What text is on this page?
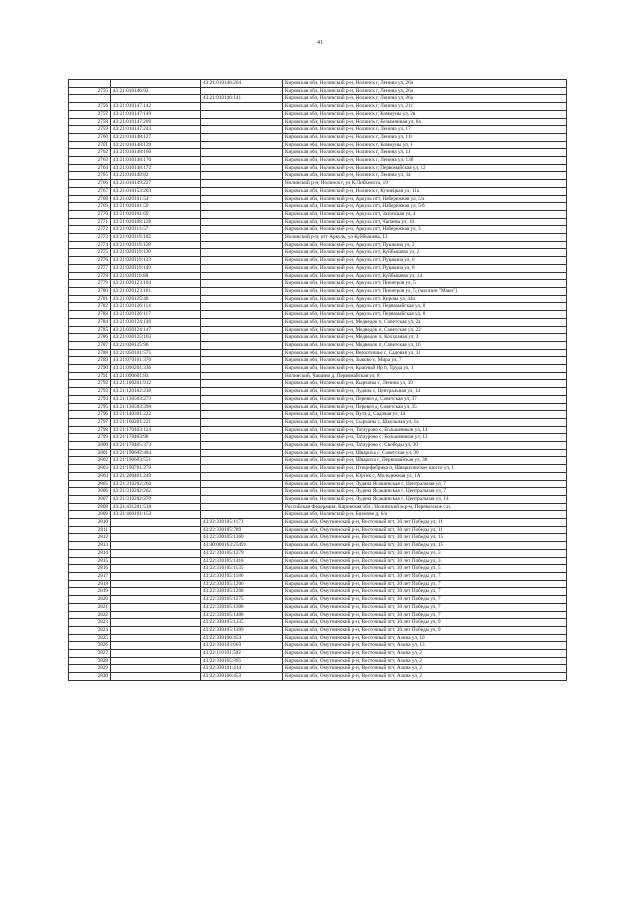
41
		43:21:010146:204	Кировская обл, Нолинский р-н, Нолинск г, Ленина ул, 26а
2755	43:21:010146:92		Кировская обл, Нолинский р-н, Нолинск г, Ленина ул, 26а
		43:21:010146:141	Кировская обл, Нолинский р-н, Нолинск г, Ленина ул, 26а
2756	43:21:010147:142		Кировская обл, Нолинский р-н, Нолинск г, Ленина ул, 21г
2757	43:21:010147:149		Кировская обл, Нолинский р-н, Нолинск г, Коммуны ул, 2в
2758	43:21:010147:209		Кировская обл, Нолинский р-н, Нолинск г, Безымянная ул, 8а
2759	43:21:010147:243		Кировская обл, Нолинский р-н, Нолинск г, Ленина ул, 17
2760	43:21:010148:127		Кировская обл, Нолинский р-н, Нолинск г, Ленина ул, 11г
2761	43:21:010148:129		Кировская обл, Нолинский р-н, Нолинск г, Коммуны ул, 1
2762	43:21:010148:160		Кировская обл, Нолинский р-н, Нолинск г, Ленина ул, 11
2763	43:21:010148:170		Кировская обл, Нолинский р-н, Нолинск г, Ленина ул, 13б
2764	43:21:010148:172		Кировская обл, Нолинский р-н, Нолинск г, Первомайская ул, 12
2765	43:21:010148:82		Кировская обл, Нолинский р-н, Нолинск г, Ленина ул, 3а
2766	43:21:010149:227		Нолинский р-н, Нолинск г, ул К.Либкнехта, 19
2767	43:21:010153:203		Кировская обл, Нолинский р-н, Нолинск г, Кузнецкая ул, 11а
2768	43:21:020101:54		Кировская обл, Нолинский р-н, Аркуль пгт, Набережная ул, 5/а
2769	43:21:020101:59		Кировская обл, Нолинский р-н, Аркуль пгт, Набережная ул, 5/б
2770	43:21:020101:69		Кировская обл, Нолинский р-н, Аркуль пгт, Затонская ул, 4
2771	43:21:020108:128		Кировская обл, Нолинский р-н, Аркуль пгт, Чапаева ул, 10
2772	43:21:020113:57		Кировская обл, Нолинский р-н, Аркуль пгт, Набережная ул, 3
2773	43:21:020119:102		Нолинский р-н, пгт Аркуль, ул Куйбышева, 12
2774	43:21:020119:128		Кировская обл, Нолинский р-н, Аркуль пгт, Пушкина ул, 2
2775	43:21:020119:130		Кировская обл, Нолинский р-н, Аркуль пгт, Куйбышева ул, 2
2776	43:21:020119:133		Кировская обл, Нолинский р-н, Аркуль пгт, Пушкина ул, 6
2777	43:21:020119:149		Кировская обл, Нолинский р-н, Аркуль пгт, Пушкина ул, 8
2778	43:21:020119:88		Кировская обл, Нолинский р-н, Аркуль пгт, Куйбышева ул, 14
2779	43:21:020123:104		Кировская обл, Нолинский р-н, Аркуль пгт, Пионеров ул, 5
2780	43:21:020123:181		Кировская обл, Нолинский р-н, Аркуль пгт, Пионеров ул, 5, (магазин "Маки")
2781	43:21:020125:48		Кировская обл, Нолинский р-н, Аркуль пгт, Кирова ул, 44а
2782	43:21:020126:114		Кировская обл, Нолинский р-н, Аркуль пгт, Первомайская ул, 8
2783	43:21:020126:117		Кировская обл, Нолинский р-н, Аркуль пгт, Первомайская ул, 8
2784	43:21:030124:140		Кировская обл, Нолинский р-н, Медведок п, Советская ул, 2а
2785	43:21:030124:147		Кировская обл, Нолинский р-н, Медведок п, Советская ул, 22
2786	43:21:030125:103		Кировская обл, Нолинский р-н, Медведок п, Колхозная ул, 3
2787	43:21:030125:96		Кировская обл, Нолинский р-н, Медведок п, Советская ул, 16
2788	43:21:050101:575		Кировская обл, Нолинский р-н, Верхотишье с, Садовая ул, 11
2789	43:21:070101:370		Кировская обл, Нолинский р-н, Зыково с, Мира ул, 7
2790	43:21:090201:336		Кировская обл, Нолинский р-н, Красный Яр п, Труда ул, 1
2791	43:21:090601:83		Нолинский, Чащино д, Первомайская ул, 8
2792	43:21:100201:912		Кировская обл, Нолинский р-н, Кырчаны с, Ленина ул, 39
2793	43:21:120102:238		Кировская обл, Нолинский р-н, Лудяна с, Центральная ул, 14
2794	43:21:130503:273		Кировская обл, Нолинский р-н, Перевоз д, Советская ул, 37
2795	43:21:130503:398		Кировская обл, Нолинский р-н, Перевоз д, Советская ул, 35
2796	43:21:140301:222		Кировская обл, Нолинский р-н, Пута д, Садовая ул, 14
2797	43:21:160201:221		Кировская обл, Нолинский р-н, Сырчаны с, Школьная ул, 1а
2798	43:21:170403:124		Кировская обл, Нолинский р-н, Татаурово с, Большевиков ул, 14
2799	43:21:170403:98		Кировская обл, Нолинский р-н, Татаурово с, Большевиков ул, 12
2800	43:21:170405:373		Кировская обл, Нолинский р-н, Татаурово с, Свободы ул, 30
2801	43:21:190602:484		Кировская обл, Нолинский р-н, Шварихa с, Советская ул, 30
2802	43:21:190603:551		Кировская обл, Нолинский р-н, Швариха с, Первомайская ул, 38
2803	43:21:190701:279		Кировская обл, Нолинский р-н, Птицефабрика п, Шварихинское шоссе ул, 1
2804	43:21:200401:249		Кировская обл, Нолинский р-н, Юртик с, Молодежная ул, 1А
2805	43:21:310202:260		Кировская обл, Нолинский р-н, Лудяна Ясашинская с, Центральная ул, 7
2806	43:21:310202:262		Кировская обл, Нолинский р-н, Лудяна Ясашинская с, Центральная ул, 7
2807	43:21:310202:270		Кировская обл, Нолинский р-н, Лудяна Ясашинская с, Центральная ул, 14
2808	43:21:431201:518		Российская Федерация, Кировская обл., Нолинский м.р-н, Перевозское с.п.
2809	43:21:460101:153		Кировская обл, Нолинский р-н, Бизмово д, 6/а
2810		43:22:330105:1173	Кировская обл, Омутнинский р-н, Восточный пгт, 30 лет Победы ул, 11
2811		43:22:330105:789	Кировская обл, Омутнинский р-н, Восточный пгт, 30 лет Победы ул, 11
2812		43:22:330105:1360	Кировская обл, Омутнинский р-н, Восточный пгт, 30 лет Победы ул, 15
2813		43:40:000163:25491	Кировская обл, Омутнинский р-н, Восточный пгт, 30 лет Победы ул, 15
2814		43:22:330105:1279	Кировская обл, Омутнинский р-н, Восточный пгт, 30 лет Победы ул, 3
2815		43:22:330105:1418	Кировская обл, Омутнинский р-н, Восточный пгт, 30 лет Победы ул, 3
2816		43:22:330105:1135	Кировская обл, Омутнинский р-н, Восточный пгт, 30 лет Победы ул, 5
2817		43:22:330105:1186	Кировская обл, Омутнинский р-н, Восточный пгт, 30 лет Победы ул, 7
2818		43:22:330105:1206	Кировская обл, Омутнинский р-н, Восточный пгт, 30 лет Победы ул, 7
2819		43:22:330105:1208	Кировская обл, Омутнинский р-н, Восточный пгт, 30 лет Победы ул, 7
2820		43:22:330105:1275	Кировская обл, Омутнинский р-н, Восточный пгт, 30 лет Победы ул, 7
2821		43:22:330105:1308	Кировская обл, Омутнинский р-н, Восточный пгт, 30 лет Победы ул, 7
2822		43:22:330105:1408	Кировская обл, Омутнинский р-н, Восточный пгт, 30 лет Победы ул, 7
2823		43:22:330105:1335	Кировская обл, Омутнинский р-н, Восточный пгт, 30 лет Победы ул, 9
2824		43:22:330105:1399	Кировская обл, Омутнинский р-н, Восточный пгт, 30 лет Победы ул, 9
2825		43:22:330106:454	Кировская обл, Омутнинский р-н, Восточный пгт, Азина ул, 10
2826		43:22:330103:663	Кировская обл, Омутнинский р-н, Восточный пгт, Азина ул, 13
2827		43:22:110101:502	Кировская обл, Омутнинский р-н, Восточный пгт, Азина ул, 2
2828		43:22:330105:395	Кировская обл, Омутнинский р-н, Восточный пгт, Азина ул, 2
2829		43:22:330101:414	Кировская обл, Омутнинский р-н, Восточный пгт, Азина ул, 2
2830		43:22:330106:453	Кировская обл, Омутнинский р-н, Восточный пгт, Азина ул, 2
